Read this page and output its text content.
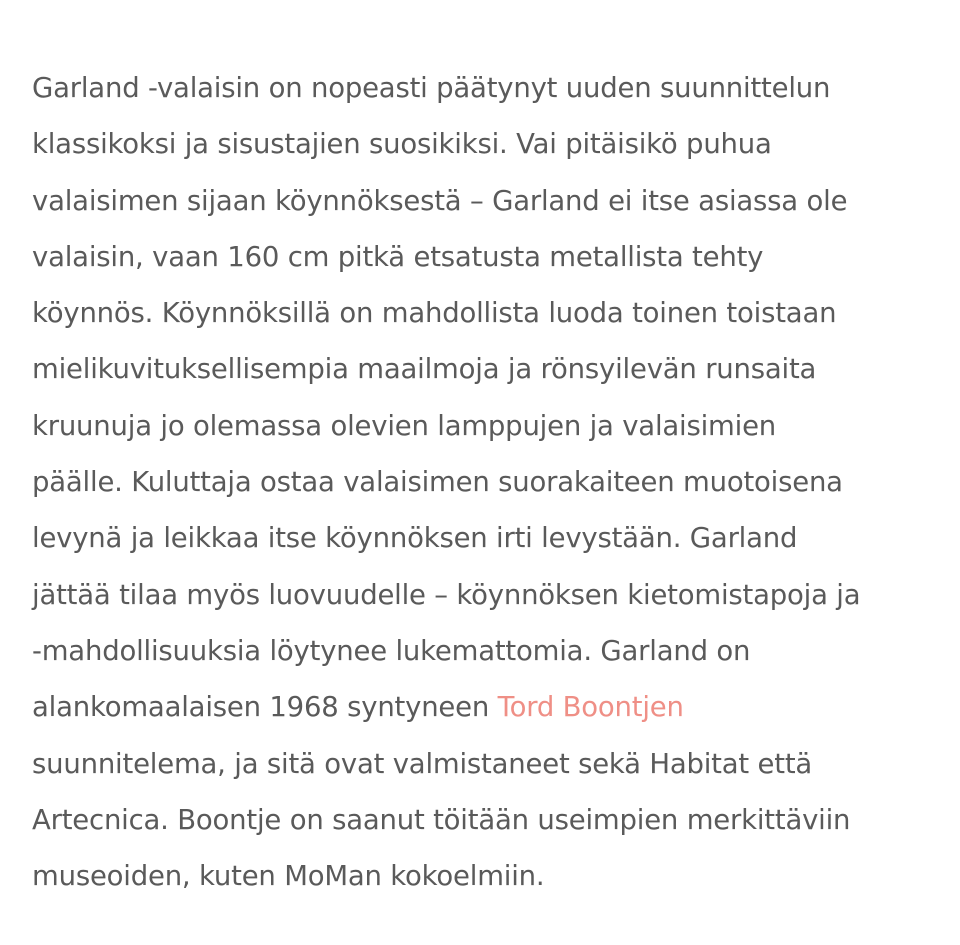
Garland -valaisin on nopeasti päätynyt uuden suunnittelun
klassikoksi ja sisustajien suosikiksi. Vai pitäisikö puhua
valaisimen sijaan köynnöksestä – Garland ei itse asiassa ole
valaisin, vaan 160 cm pitkä etsatusta metallista tehty
köynnös. Köynnöksillä on mahdollista luoda toinen toistaan
mielikuvituksellisempia maailmoja ja rönsyilevän runsaita
kruunuja jo olemassa olevien lamppujen ja valaisimien
päälle. Kuluttaja ostaa valaisimen suorakaiteen muotoisena
levynä ja leikkaa itse köynnöksen irti levystään. Garland
jättää tilaa myös luovuudelle – köynnöksen kietomistapoja ja
-mahdollisuuksia löytynee lukemattomia. Garland on
alankomaalaisen 1968 syntyneen Tord Boontjen
suunnitelema, ja sitä ovat valmistaneet sekä Habitat että
Artecnica. Boontje on saanut töitään useimpien merkittäviin
museoiden, kuten MoMan kokoelmiin.
